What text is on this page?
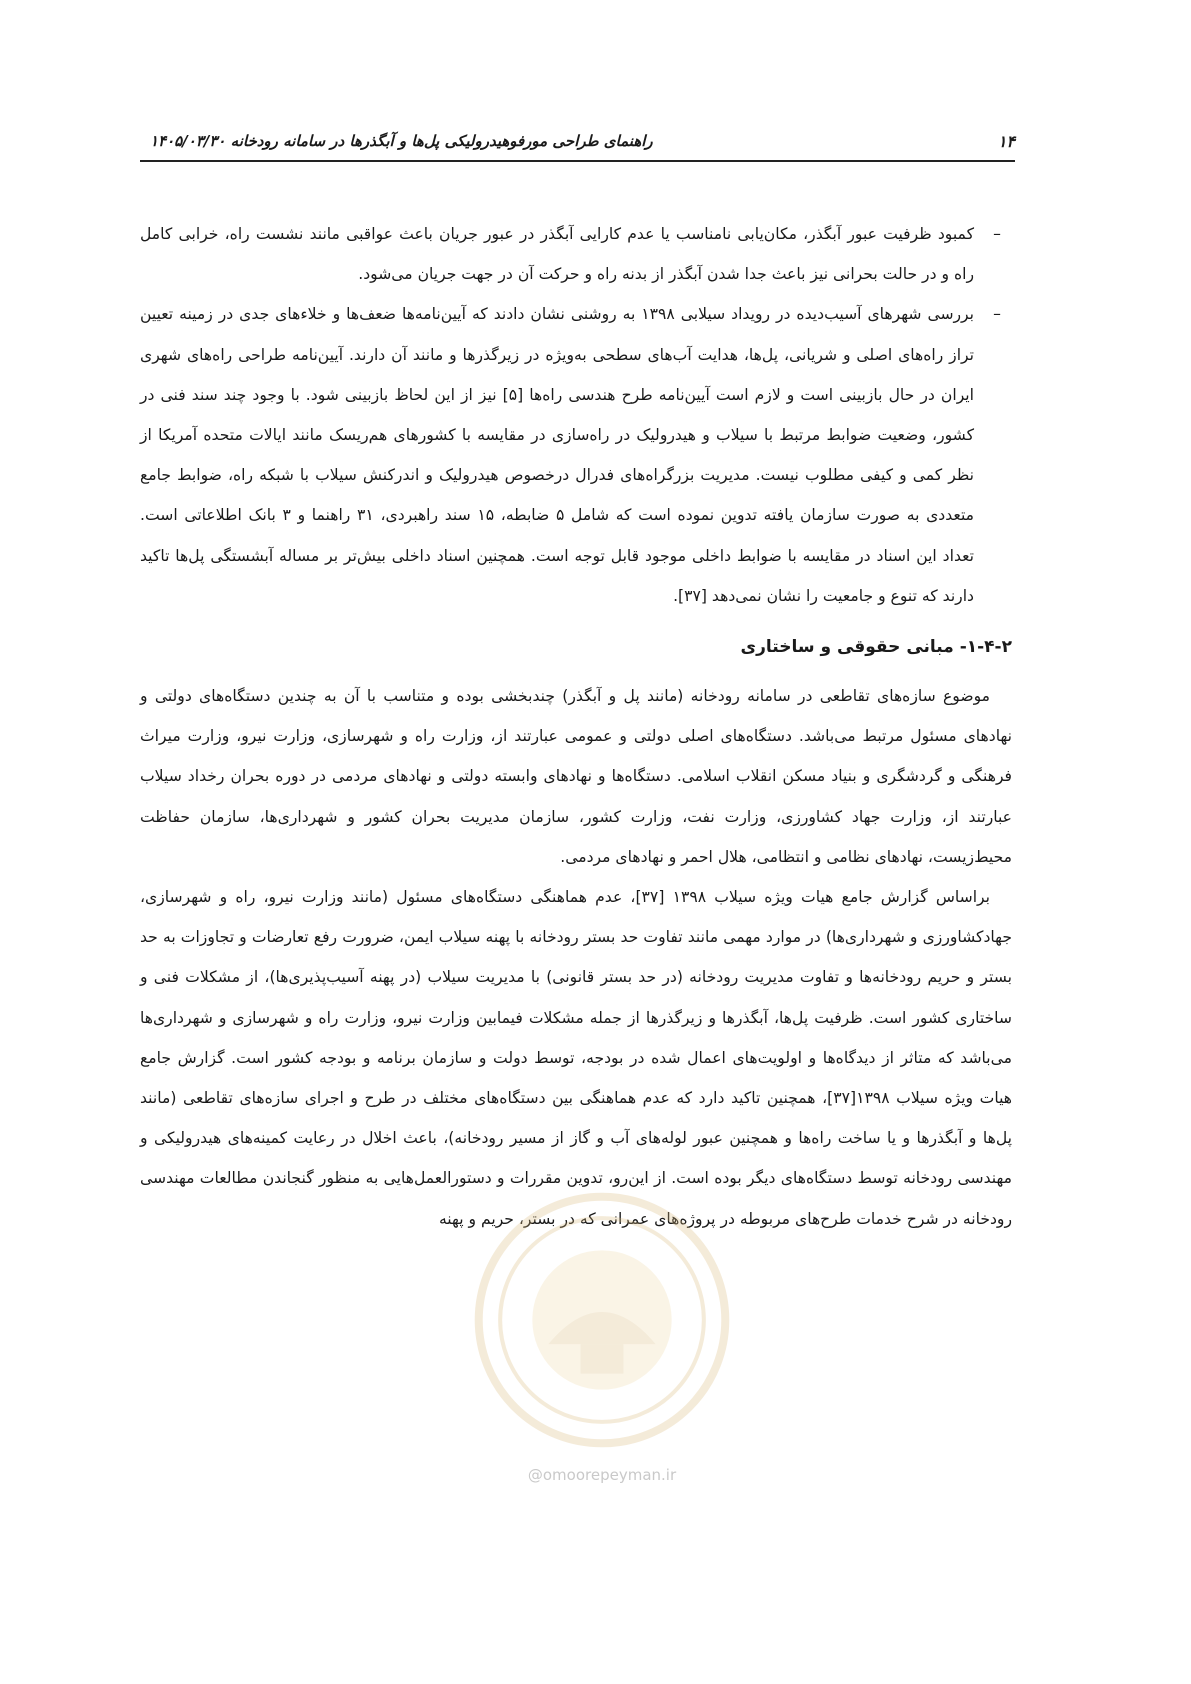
۱۴
راهنمای طراحی مورفوهیدرولیکی پل‌ها و آبگذرها در سامانه رودخانه ۱۴۰۵/۰۳/۳۰
–
کمبود ظرفیت عبور آبگذر، مکان‌یابی نامناسب یا عدم کارایی آبگذر در عبور جریان باعث عواقبی مانند نشست راه، خرابی کامل راه و در حالت بحرانی نیز باعث جدا شدن آبگذر از بدنه راه و حرکت آن در جهت جریان می‌شود.
–
بررسی شهرهای آسیب‌دیده در رویداد سیلابی ۱۳۹۸ به روشنی نشان دادند که آیین‌نامه‌ها ضعف‌ها و خلاءهای جدی در زمینه تعیین تراز راه‌های اصلی و شریانی، پل‌ها، هدایت آب‌های سطحی به‌ویژه در زیرگذرها و مانند آن دارند. آیین‌نامه طراحی راه‌های شهری ایران در حال بازبینی است و لازم است آیین‌نامه طرح هندسی راه‌ها [۵] نیز از این لحاظ بازبینی شود. با وجود چند سند فنی در کشور، وضعیت ضوابط مرتبط با سیلاب و هیدرولیک در راه‌سازی در مقایسه با کشورهای هم‌ریسک مانند ایالات متحده آمریکا از نظر کمی و کیفی مطلوب نیست. مدیریت بزرگراه‌های فدرال درخصوص هیدرولیک و اندرکنش سیلاب با شبکه راه، ضوابط جامع متعددی به صورت سازمان یافته تدوین نموده است که شامل ۵ ضابطه، ۱۵ سند راهبردی، ۳۱ راهنما و ۳ بانک اطلاعاتی است. تعداد این اسناد در مقایسه با ضوابط داخلی موجود قابل توجه است. همچنین اسناد داخلی بیش‌تر بر مساله آبشستگی پل‌ها تاکید دارند که تنوع و جامعیت را نشان نمی‌دهد [۳۷].
۱-۴-۲- مبانی حقوقی و ساختاری

موضوع سازه‌های تقاطعی در سامانه رودخانه (مانند پل و آبگذر) چندبخشی بوده و متناسب با آن به چندین دستگاه‌های دولتی و نهادهای مسئول مرتبط می‌باشد. دستگاه‌های اصلی دولتی و عمومی عبارتند از، وزارت راه و شهرسازی، وزارت نیرو، وزارت میراث فرهنگی و گردشگری و بنیاد مسکن انقلاب اسلامی. دستگاه‌ها و نهادهای وابسته دولتی و نهادهای مردمی در دوره بحران رخداد سیلاب عبارتند از، وزارت جهاد کشاورزی، وزارت نفت، وزارت کشور، سازمان مدیریت بحران کشور و شهرداری‌ها، سازمان حفاظت محیط‌زیست، نهادهای نظامی و انتظامی، هلال احمر و نهادهای مردمی.

براساس گزارش جامع هیات ویژه سیلاب ۱۳۹۸ [۳۷]، عدم هماهنگی دستگاه‌های مسئول (مانند وزارت نیرو، راه و شهرسازی، جهادکشاورزی و شهرداری‌ها) در موارد مهمی مانند تفاوت حد بستر رودخانه با پهنه سیلاب ایمن، ضرورت رفع تعارضات و تجاوزات به حد بستر و حریم رودخانه‌ها و تفاوت مدیریت رودخانه (در حد بستر قانونی) با مدیریت سیلاب (در پهنه آسیب‌پذیری‌ها)، از مشکلات فنی و ساختاری کشور است. ظرفیت پل‌ها، آبگذرها و زیرگذرها از جمله مشکلات فیمابین وزارت نیرو، وزارت راه و شهرسازی و شهرداری‌ها می‌باشد که متاثر از دیدگاه‌ها و اولویت‌های اعمال شده در بودجه، توسط دولت و سازمان برنامه و بودجه کشور است. گزارش جامع هیات ویژه سیلاب ۱۳۹۸[۳۷]، همچنین تاکید دارد که عدم هماهنگی بین دستگاه‌های مختلف در طرح و اجرای سازه‌های تقاطعی (مانند پل‌ها و آبگذرها و یا ساخت راه‌ها و همچنین عبور لوله‌های آب و گاز از مسیر رودخانه)، باعث اخلال در رعایت کمینه‌های هیدرولیکی و مهندسی رودخانه توسط دستگاه‌های دیگر بوده است. از این‌رو، تدوین مقررات و دستورالعمل‌هایی به منظور گنجاندن مطالعات مهندسی رودخانه در شرح خدمات طرح‌های مربوطه در پروژه‌های عمرانی که در بستر، حریم و پهنه

@omoorepeyman.ir
